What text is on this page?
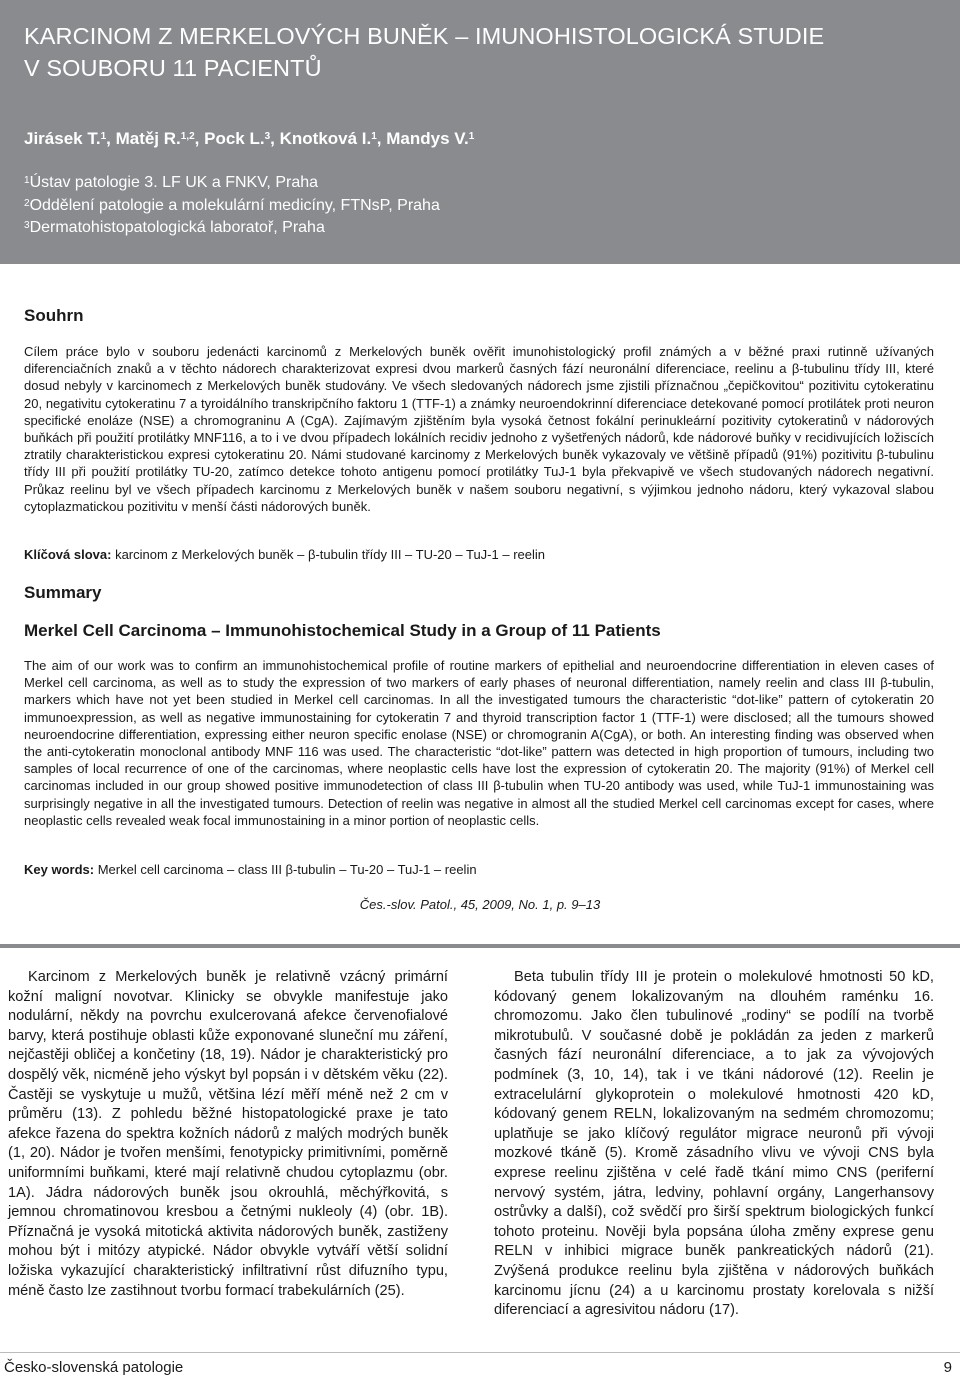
KARCINOM Z MERKELOVÝCH BUNĚK – IMUNOHISTOLOGICKÁ STUDIE
V SOUBORU 11 PACIENTŮ
Jirásek T.$^1$, Matěj R.$^{1,2}$, Pock L.$^3$, Knotková I.$^1$, Mandys V.$^1$
$^1$Ústav patologie 3. LF UK a FNKV, Praha
$^2$Oddělení patologie a molekulární medicíny, FTNsP, Praha
$^3$Dermatohistopatologická laboratoř, Praha
Souhrn

Cílem práce bylo v souboru jedenácti karcinomů z Merkelových buněk ověřit imunohistologický profil známých a v běžné praxi rutinně užívaných diferenciačních znaků a v těchto nádorech charakterizovat expresi dvou markerů časných fází neuronální diferenciace, reelinu a β-tubulinu třídy III, které dosud nebyly v karcinomech z Merkelových buněk studovány. Ve všech sledovaných nádorech jsme zjistili příznačnou „čepičkovitou“ pozitivitu cytokeratinu 20, negativitu cytokeratinu 7 a tyroidálního transkripčního faktoru 1 (TTF-1) a známky neuroendokrinní diferenciace detekované pomocí protilátek proti neuron specifické enoláze (NSE) a chromograninu A (CgA). Zajímavým zjištěním byla vysoká četnost fokální perinukleární pozitivity cytokeratinů v nádorových buňkách při použití protilátky MNF116, a to i ve dvou případech lokálních recidiv jednoho z vyšetřených nádorů, kde nádorové buňky v recidivujících ložiscích ztratily charakteristickou expresi cytokeratinu 20. Námi studované karcinomy z Merkelových buněk vykazovaly ve většině případů (91%) pozitivitu β-tubulinu třídy III při použití protilátky TU-20, zatímco detekce tohoto antigenu pomocí protilátky TuJ-1 byla překvapivě ve všech studovaných nádorech negativní. Průkaz reelinu byl ve všech případech karcinomu z Merkelových buněk v našem souboru negativní, s výjimkou jednoho nádoru, který vykazoval slabou cytoplazmatickou pozitivitu v menší části nádorových buněk.

Klíčová slova: karcinom z Merkelových buněk – β-tubulin třídy III – TU-20 – TuJ-1 – reelin
Summary
Merkel Cell Carcinoma – Immunohistochemical Study in a Group of 11 Patients

The aim of our work was to confirm an immunohistochemical profile of routine markers of epithelial and neuroendocrine differentiation in eleven cases of Merkel cell carcinoma, as well as to study the expression of two markers of early phases of neuronal differentiation, namely reelin and class III β-tubulin, markers which have not yet been studied in Merkel cell carcinomas. In all the investigated tumours the characteristic “dot-like” pattern of cytokeratin 20 immunoexpression, as well as negative immunostaining for cytokeratin 7 and thyroid transcription factor 1 (TTF-1) were disclosed; all the tumours showed neuroendocrine differentiation, expressing either neuron specific enolase (NSE) or chromogranin A(CgA), or both. An interesting finding was observed when the anti-cytokeratin monoclonal antibody MNF 116 was used. The characteristic “dot-like” pattern was detected in high proportion of tumours, including two samples of local recurrence of one of the carcinomas, where neoplastic cells have lost the expression of cytokeratin 20. The majority (91%) of Merkel cell carcinomas included in our group showed positive immunodetection of class III β-tubulin when TU-20 antibody was used, while TuJ-1 immunostaining was surprisingly negative in all the investigated tumours. Detection of reelin was negative in almost all the studied Merkel cell carcinomas except for cases, where neoplastic cells revealed weak focal immunostaining in a minor portion of neoplastic cells.

Key words: Merkel cell carcinoma – class III β-tubulin – Tu-20 – TuJ-1 – reelin
Čes.-slov. Patol., 45, 2009, No. 1, p. 9–13

Karcinom z Merkelových buněk je relativně vzácný primární kožní maligní novotvar. Klinicky se obvykle manifestuje jako nodulární, někdy na povrchu exulcerovaná afekce červenofialové barvy, která postihuje oblasti kůže exponované sluneční mu záření, nejčastěji obličej a končetiny (18, 19). Nádor je charakteristický pro dospělý věk, nicméně jeho výskyt byl popsán i v dětském věku (22). Častěji se vyskytuje u mužů, většina lézí měří méně než 2 cm v průměru (13). Z pohledu běžné histopatologické praxe je tato afekce řazena do spektra kožních nádorů z malých modrých buněk (1, 20). Nádor je tvořen menšími, fenotypicky primitivními, poměrně uniformními buňkami, které mají relativně chudou cytoplazmu (obr. 1A). Jádra nádorových buněk jsou okrouhlá, měchýřkovitá, s jemnou chromatinovou kresbou a četnými nukleoly (4) (obr. 1B). Příznačná je vysoká mitotická aktivita nádorových buněk, zastiženy mohou být i mitózy atypické. Nádor obvykle vytváří větší solidní ložiska vykazující charakteristický infiltrativní růst difuzního typu, méně často lze zastihnout tvorbu formací trabekulárních (25).

Beta tubulin třídy III je protein o molekulové hmotnosti 50 kD, kódovaný genem lokalizovaným na dlouhém raménku 16. chromozomu. Jako člen tubulinové „rodiny“ se podílí na tvorbě mikrotubulů. V současné době je pokládán za jeden z markerů časných fází neuronální diferenciace, a to jak za vývojových podmínek (3, 10, 14), tak i ve tkáni nádorové (12). Reelin je extracelulární glykoprotein o molekulové hmotnosti 420 kD, kódovaný genem RELN, lokalizovaným na sedmém chromozomu; uplatňuje se jako klíčový regulátor migrace neuronů při vývoji mozkové tkáně (5). Kromě zásadního vlivu ve vývoji CNS byla exprese reelinu zjištěna v celé řadě tkání mimo CNS (periferní nervový systém, játra, ledviny, pohlavní orgány, Langerhansovy ostrůvky a další), což svědčí pro širší spektrum biologických funkcí tohoto proteinu. Nověji byla popsána úloha změny exprese genu RELN v inhibici migrace buněk pankreatických nádorů (21). Zvýšená produkce reelinu byla zjištěna v nádorových buňkách karcinomu jícnu (24) a u karcinomu prostaty korelovala s nižší diferenciací a agresivitou nádoru (17).

Česko-slovenská patologie	9
